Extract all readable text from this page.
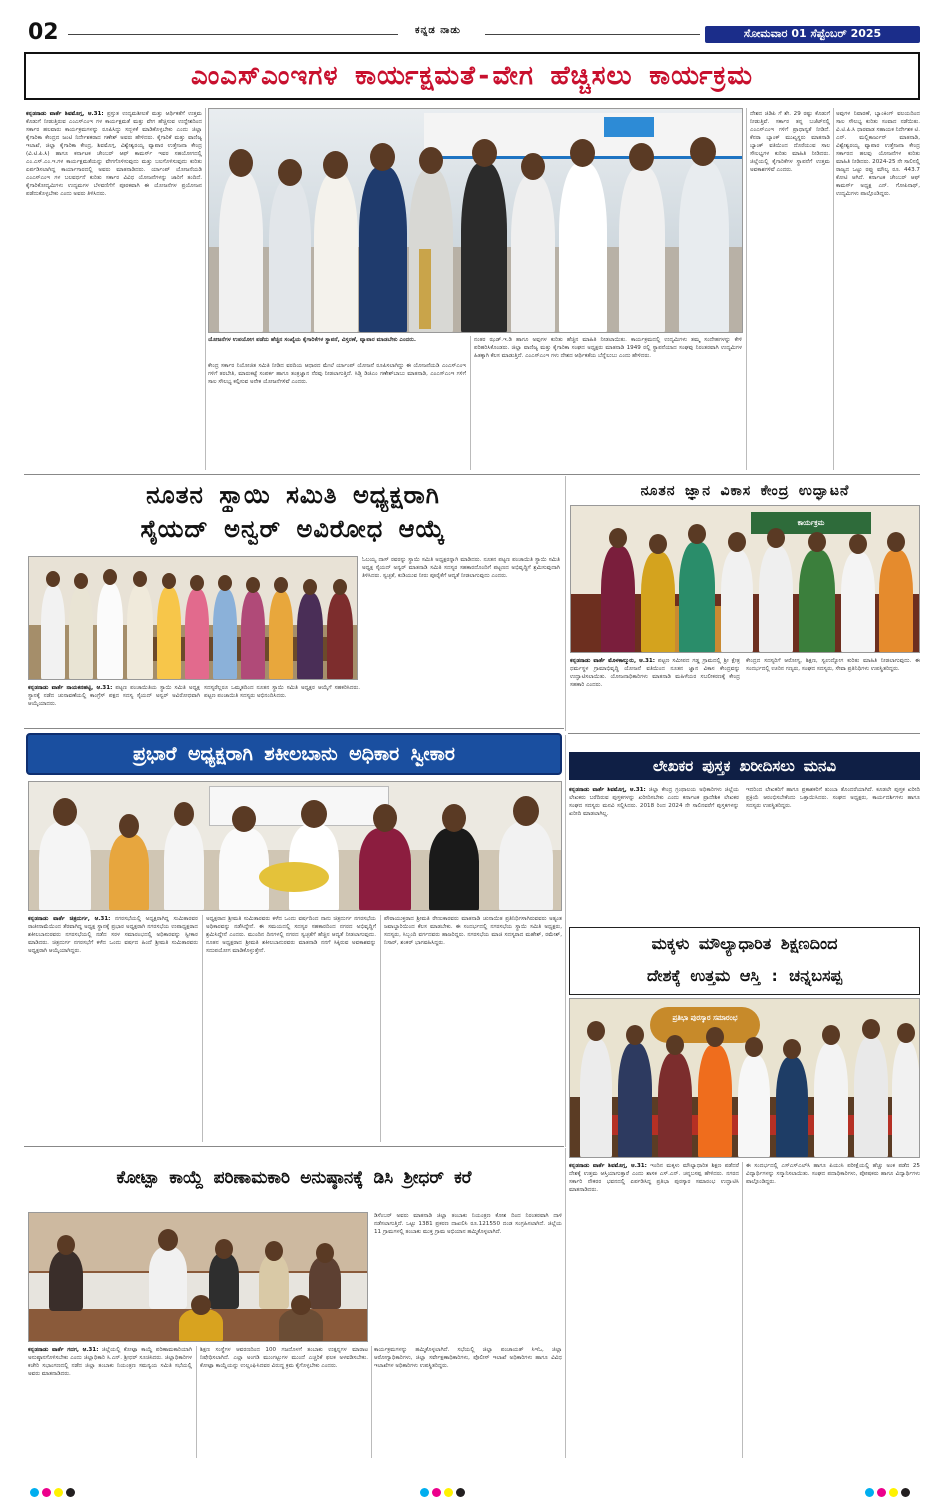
02	ಕನ್ನಡ ನಾಡು	ಸೋಮವಾರ 01 ಸೆಪ್ಟೆಂಬರ್ 2025
ಎಂಎಸ್‌ಎಂಇಗಳ ಕಾರ್ಯಕ್ಷಮತೆ-ವೇಗ ಹೆಚ್ಚಿಸಲು ಕಾರ್ಯಕ್ರಮ
ಕನ್ನಡನಾಡು ವಾರ್ತೆ ಶಿವಮೊಗ್ಗ, ಆ.31: ಪ್ರಸ್ತುತ ಉದ್ಯಮಶೀಲತೆ ಮತ್ತು ಆರ್ಥಿಕತೆಗೆ ಉತ್ತಮ ಕೊಡುಗೆ ನೀಡುತ್ತಿರುವ ಎಂಎಸ್‌ಎಂಇ ಗಳ ಕಾರ್ಯಕ್ಷಮತೆ ಮತ್ತು ವೇಗ ಹೆಚ್ಚಿಸುವ ಉದ್ದೇಶದಿಂದ ಸರ್ಕಾರ ಹಲವಾರು ಕಾರ್ಯಕ್ರಮಗಳನ್ನು ರೂಪಿಸಿದ್ದು ಸದ್ಬಳಕೆ ಮಾಡಿಕೊಳ್ಳಬೇಕು ಎಂದು ಜಿಲ್ಲಾ ಕೈಗಾರಿಕಾ ಕೇಂದ್ರದ ಜಂಟಿ ನಿರ್ದೇಶಕರಾದ ಗಣೇಶ್ ಅವರು ಹೇಳಿದರು. ಕೈಗಾರಿಕೆ ಮತ್ತು ವಾಣಿಜ್ಯ ಇಲಾಖೆ, ಜಿಲ್ಲಾ ಕೈಗಾರಿಕಾ ಕೇಂದ್ರ, ಶಿವಮೊಗ್ಗ, ವಿಶ್ವೇಶ್ವರಯ್ಯ ವ್ಯಾಪಾರ ಉತ್ತೇಜನಾ ಕೇಂದ್ರ (ವಿ.ಟಿ.ಪಿ.ಸಿ) ಹಾಗೂ ಕರ್ನಾಟಕ ಚೇಂಬರ್ ಆಫ್ ಕಾಮರ್ಸ್ ಇವರ ಸಹಯೋಗದಲ್ಲಿ ಎಂ.ಎಸ್.ಎಂ.ಇ.ಗಳ ಕಾರ್ಯಕ್ಷಮತೆಯನ್ನು ವೇಗಗೊಳಿಸುವುದು ಮತ್ತು ಬಲಗೊಳಿಸುವುದು ಕುರಿತು ಏರ್ಪಡಿಸಲಾಗಿದ್ದ ಕಾರ್ಯಾಗಾರದಲ್ಲಿ ಅವರು ಮಾತನಾಡಿದರು. ರ್ಯಾಂಪ್ ಯೋಜನೆಯಡಿ ಎಂಎಸ್‌ಎಂಇ ಗಳ ಬಲವರ್ಧನೆ ಕುರಿತು ಸರ್ಕಾರ ವಿವಿಧ ಯೋಜನೆಗಳನ್ನು ಜಾರಿಗೆ ತಂದಿದೆ. ಕೈಗಾರಿಕೋದ್ಯಮಿಗಳು ಉದ್ಯಮಗಳ ಬೆಳವಣಿಗೆಗೆ ಪೂರಕವಾಗಿ ಈ ಯೋಜನೆಗಳ ಪ್ರಯೋಜನ ಪಡೆದುಕೊಳ್ಳಬೇಕು ಎಂದು ಅವರು ತಿಳಿಸಿದರು.
ಯೋಜನೆಗಳ ಉಪಯೋಗ ಪಡೆದು ಹೆಚ್ಚಿನ ಸಂಖ್ಯೆಯ ಕೈಗಾರಿಕೆಗಳ ಸ್ಥಾಪನೆ, ವಿಸ್ತರಣೆ, ವ್ಯಾಪಾರ ಮಾಡಬೇಕು ಎಂದರು.
ಕೇಂದ್ರ ಸರ್ಕಾರ ನಿಯೋಜಿತ ಸಮಿತಿ ನೀಡಿದ ವರದಿಯ ಆಧಾರದ ಮೇಲೆ ರ್ಯಾಂಪ್ ಯೋಜನೆ ರೂಪಿಸಲಾಗಿದ್ದು ಈ ಯೋಜನೆಯಡಿ ಎಂಎಸ್‌ಎಂಇ ಗಳಿಗೆ ತರಬೇತಿ, ಮಾರುಕಟ್ಟೆ ಸಂಪರ್ಕ ಹಾಗೂ ತಂತ್ರಜ್ಞಾನ ನೆರವು ನೀಡಲಾಗುತ್ತಿದೆ. ಸಿಡ್ಬಿ ಡಿಜಿಎಂ ಗಣೇಶ್‌ಬಾಬು ಮಾತನಾಡಿ, ಎಂಎಸ್‌ಎಂಇ ಗಳಿಗೆ ಸಾಲ ಸೌಲಭ್ಯ ಕಲ್ಪಿಸುವ ಅನೇಕ ಯೋಜನೆಗಳಿವೆ ಎಂದರು.
ನಂತರ ಝಡ್.ಇ.ಡಿ ಹಾಗೂ ಅವುಗಳ ಕುರಿತು ಹೆಚ್ಚಿನ ಮಾಹಿತಿ ನೀಡಲಾಯಿತು. ಕಾರ್ಯಕ್ರಮದಲ್ಲಿ ಉದ್ಯಮಿಗಳು ತಮ್ಮ ಸಂದೇಹಗಳನ್ನು ಕೇಳಿ ಪರಿಹರಿಸಿಕೊಂಡರು. ಜಿಲ್ಲಾ ವಾಣಿಜ್ಯ ಮತ್ತು ಕೈಗಾರಿಕಾ ಸಂಘದ ಅಧ್ಯಕ್ಷರು ಮಾತನಾಡಿ 1949 ರಲ್ಲಿ ಸ್ಥಾಪನೆಯಾದ ಸಂಘವು ನಿರಂತರವಾಗಿ ಉದ್ಯಮಿಗಳ ಹಿತಕ್ಕಾಗಿ ಕೆಲಸ ಮಾಡುತ್ತಿದೆ. ಎಂಎಸ್‌ಎಂಇ ಗಳು ದೇಶದ ಆರ್ಥಿಕತೆಯ ಬೆನ್ನೆಲುಬು ಎಂದು ಹೇಳಿದರು.
ದೇಶದ ಜಿಡಿಪಿ ಗೆ ಶೇ. 29 ರಷ್ಟು ಕೊಡುಗೆ ನೀಡುತ್ತಿವೆ. ಸರ್ಕಾರ ತನ್ನ ಬಜೆಟ್‌ನಲ್ಲಿ ಎಂಎಸ್‌ಎಂಇ ಗಳಿಗೆ ಪ್ರಾಧಾನ್ಯತೆ ನೀಡಿದೆ. ಕೆನರಾ ಬ್ಯಾಂಕ್ ಮುಖ್ಯಸ್ಥರು ಮಾತನಾಡಿ ಬ್ಯಾಂಕ್ ವತಿಯಿಂದ ದೊರೆಯುವ ಸಾಲ ಸೌಲಭ್ಯಗಳ ಕುರಿತು ಮಾಹಿತಿ ನೀಡಿದರು. ಜಿಲ್ಲೆಯಲ್ಲಿ ಕೈಗಾರಿಕೆಗಳ ಸ್ಥಾಪನೆಗೆ ಉತ್ತಮ ಅವಕಾಶಗಳಿವೆ ಎಂದರು.
ಅವುಗಳ ನಿವಾರಣೆ, ಬ್ಯಾಂಕಿಂಗ್ ವಲಯದಿಂದ ಸಾಲ ಸೌಲಭ್ಯ ಕುರಿತು ಸಂವಾದ ನಡೆಯಿತು. ವಿ.ಟಿ.ಪಿ.ಸಿ ಧಾರವಾಡ ಸಹಾಯಕ ನಿರ್ದೇಶಕ ಟಿ. ಎನ್. ಮಲ್ಲಿಕಾರ್ಜುನ್ ಮಾತನಾಡಿ, ವಿಶ್ವೇಶ್ವರಯ್ಯ ವ್ಯಾಪಾರ ಉತ್ತೇಜನಾ ಕೇಂದ್ರ ಸರ್ಕಾರದ ಹಲವು ಯೋಜನೆಗಳ ಕುರಿತು ಮಾಹಿತಿ ನೀಡಿದರು. 2024-25 ನೇ ಸಾಲಿನಲ್ಲಿ ರಾಜ್ಯದ ಒಟ್ಟು ರಫ್ತು ಮೌಲ್ಯ ರೂ. 443.7 ಕೋಟಿ ಆಗಿದೆ. ಕರ್ನಾಟಕ ಚೇಂಬರ್ ಆಫ್ ಕಾಮರ್ಸ್ ಅಧ್ಯಕ್ಷ ಎನ್. ಗೋಪಿನಾಥ್, ಉದ್ಯಮಿಗಳು ಪಾಲ್ಗೊಂಡಿದ್ದರು.
ನೂತನ ಸ್ಥಾಯಿ ಸಮಿತಿ ಅಧ್ಯಕ್ಷರಾಗಿ
ಸೈಯದ್ ಅನ್ವರ್ ಅವಿರೋಧ ಆಯ್ಕೆ
ಓಬಯ್ಯ ದಾಸ್ ರವರನ್ನು ಸ್ಥಾಯಿ ಸಮಿತಿ ಅಧ್ಯಕ್ಷರನ್ನಾಗಿ ಮಾಡಿದರು. ನೂತನ ಪಟ್ಟಣ ಪಂಚಾಯಿತಿ ಸ್ಥಾಯಿ ಸಮಿತಿ ಅಧ್ಯಕ್ಷ ಸೈಯದ್ ಅನ್ವರ್ ಮಾತನಾಡಿ ಸಮಿತಿ ಸದಸ್ಯರ ಸಹಕಾರದೊಂದಿಗೆ ಪಟ್ಟಣದ ಅಭಿವೃದ್ಧಿಗೆ ಶ್ರಮಿಸುವುದಾಗಿ ತಿಳಿಸಿದರು. ಸ್ವಚ್ಛತೆ, ಕುಡಿಯುವ ನೀರು ಪೂರೈಕೆಗೆ ಆದ್ಯತೆ ನೀಡಲಾಗುವುದು ಎಂದರು.
ಕನ್ನಡನಾಡು ವಾರ್ತೆ ನಾಯಕನಹಟ್ಟಿ, ಆ.31: ಪಟ್ಟಣ ಪಂಚಾಯಿತಿಯ ಸ್ಥಾಯಿ ಸಮಿತಿ ಅಧ್ಯಕ್ಷ ಸ್ಥಾನಕ್ಕೆ ನಡೆದ ಚುನಾವಣೆಯಲ್ಲಿ ಕಾಂಗ್ರೆಸ್ ಪಕ್ಷದ ಸದಸ್ಯ ಸೈಯದ್ ಅನ್ವರ್ ಅವಿರೋಧವಾಗಿ ಆಯ್ಕೆಯಾದರು.
ಸದಸ್ಯರೆಲ್ಲರೂ ಒಮ್ಮತದಿಂದ ನೂತನ ಸ್ಥಾಯಿ ಸಮಿತಿ ಅಧ್ಯಕ್ಷರ ಆಯ್ಕೆಗೆ ಸಹಕರಿಸಿದರು. ಪಟ್ಟಣ ಪಂಚಾಯಿತಿ ಸದಸ್ಯರು ಅಭಿನಂದಿಸಿದರು.
ನೂತನ ಜ್ಞಾನ ವಿಕಾಸ ಕೇಂದ್ರ ಉದ್ಘಾಟನೆ
ಕಾರ್ಯಕ್ರಮ
ಕನ್ನಡನಾಡು ವಾರ್ತೆ ಮೊಳಕಾಲ್ಮುರು, ಆ.31: ಪಟ್ಟಣ ಸಮೀಪದ ಗಡ್ಡ ಗ್ರಾಮದಲ್ಲಿ ಶ್ರೀ ಕ್ಷೇತ್ರ ಧರ್ಮಸ್ಥಳ ಗ್ರಾಮಾಭಿವೃದ್ಧಿ ಯೋಜನೆ ವತಿಯಿಂದ ನೂತನ ಜ್ಞಾನ ವಿಕಾಸ ಕೇಂದ್ರವನ್ನು ಉದ್ಘಾಟಿಸಲಾಯಿತು. ಯೋಜನಾಧಿಕಾರಿಗಳು ಮಾತನಾಡಿ ಮಹಿಳೆಯರ ಸಬಲೀಕರಣಕ್ಕೆ ಕೇಂದ್ರ ಸಹಕಾರಿ ಎಂದರು.
ಕೇಂದ್ರದ ಸದಸ್ಯರಿಗೆ ಆರೋಗ್ಯ, ಶಿಕ್ಷಣ, ಸ್ವಉದ್ಯೋಗ ಕುರಿತು ಮಾಹಿತಿ ನೀಡಲಾಗುವುದು. ಈ ಸಂದರ್ಭದಲ್ಲಿ ಊರಿನ ಗಣ್ಯರು, ಸಂಘದ ಸದಸ್ಯರು, ಸೇವಾ ಪ್ರತಿನಿಧಿಗಳು ಉಪಸ್ಥಿತರಿದ್ದರು.
ಪ್ರಭಾರೆ ಅಧ್ಯಕ್ಷರಾಗಿ ಶಕೀಲಬಾನು ಅಧಿಕಾರ ಸ್ವೀಕಾರ
ಕನ್ನಡನಾಡು ವಾರ್ತೆ ಚಿತ್ರದುರ್ಗ, ಆ.31: ನಗರಸಭೆಯಲ್ಲಿ ಅಧ್ಯಕ್ಷರಾಗಿದ್ದ ಸುಮಿತಾರವರ ರಾಜೀನಾಮೆಯಿಂದ ತೆರವಾಗಿದ್ದ ಅಧ್ಯಕ್ಷ ಸ್ಥಾನಕ್ಕೆ ಪ್ರಭಾರ ಅಧ್ಯಕ್ಷರಾಗಿ ನಗರಸಭೆಯ ಉಪಾಧ್ಯಕ್ಷರಾದ ಶಕೀಲಬಾನುರವರು ನಗರಸಭೆಯಲ್ಲಿ ನಡೆದ ಸರಳ ಸಮಾರಂಭದಲ್ಲಿ ಅಧಿಕಾರವನ್ನು ಸ್ವೀಕಾರ ಮಾಡಿದರು. ಚಿತ್ರದುರ್ಗ ನಗರಸಭೆಗೆ ಕಳೆದ ಒಂದು ವರ್ಷದ ಹಿಂದೆ ಶ್ರೀಮತಿ ಸುಮಿತಾರವರು ಅಧ್ಯಕ್ಷರಾಗಿ ಆಯ್ಕೆಯಾಗಿದ್ದರು.
ಅಧ್ಯಕ್ಷರಾದ ಶ್ರೀಮತಿ ಸುಮಿತಾರವರು ಕಳೆದ ಒಂದು ವರ್ಷದಿಂದ ನಾನು ಚಿತ್ರದುರ್ಗ ನಗರಸಭೆಯ ಅಧಿಕಾರವನ್ನು ನಡೆಸಿದ್ದೇನೆ. ಈ ಸಮಯದಲ್ಲಿ ಸದಸ್ಯರ ಸಹಕಾರದಿಂದ ನಗರದ ಅಭಿವೃದ್ಧಿಗೆ ಶ್ರಮಿಸಿದ್ದೇನೆ ಎಂದರು. ಮುಂದಿನ ದಿನಗಳಲ್ಲಿ ನಗರದ ಸ್ವಚ್ಛತೆಗೆ ಹೆಚ್ಚಿನ ಆದ್ಯತೆ ನೀಡಲಾಗುವುದು. ನೂತನ ಅಧ್ಯಕ್ಷರಾದ ಶ್ರೀಮತಿ ಶಕೀಲಬಾನುರವರು ಮಾತನಾಡಿ ನನಗೆ ಸಿಕ್ಕಿರುವ ಅವಕಾಶವನ್ನು ಸದುಪಯೋಗ ಮಾಡಿಕೊಳ್ಳುತ್ತೇನೆ.
ಪೌರಾಯುಕ್ತರಾದ ಶ್ರೀಮತಿ ರೇಣುಕಾರವರು ಮಾತನಾಡಿ ಚುನಾಯಿತ ಪ್ರತಿನಿಧಿಗಳಾಗಿರುವವರು ಅತ್ಯಂತ ಜವಾಬ್ದಾರಿಯಿಂದ ಕೆಲಸ ಮಾಡಬೇಕು. ಈ ಸಂದರ್ಭದಲ್ಲಿ ನಗರಸಭೆಯ ಸ್ಥಾಯಿ ಸಮಿತಿ ಅಧ್ಯಕ್ಷರು, ಸದಸ್ಯರು, ಸಿಬ್ಬಂದಿ ವರ್ಗದವರು ಹಾಜರಿದ್ದರು. ನಗರಸಭೆಯ ಮಾಜಿ ಸದಸ್ಯರಾದ ಮಹೇಶ್, ರಮೇಶ್, ನಿಸಾರ್, ಶಂಕರ್ ಭಾಗವಹಿಸಿದ್ದರು.
ಲೇಖಕರ ಪುಸ್ತಕ ಖರೀದಿಸಲು ಮನವಿ
ಕನ್ನಡನಾಡು ವಾರ್ತೆ ಶಿವಮೊಗ್ಗ, ಆ.31: ಜಿಲ್ಲಾ ಕೇಂದ್ರ ಗ್ರಂಥಾಲಯ ಅಧಿಕಾರಿಗಳು ಜಿಲ್ಲೆಯ ಲೇಖಕರು ಬರೆದಿರುವ ಪುಸ್ತಕಗಳನ್ನು ಖರೀದಿಸಬೇಕು ಎಂದು ಕರ್ನಾಟಕ ಪ್ರಾದೇಶಿಕ ಲೇಖಕರ ಸಂಘದ ಸದಸ್ಯರು ಮನವಿ ಸಲ್ಲಿಸಿದರು. 2018 ರಿಂದ 2024 ನೇ ಸಾಲಿನವರೆಗೆ ಪುಸ್ತಕಗಳನ್ನು ಖರೀದಿ ಮಾಡಲಾಗಿಲ್ಲ.
ಇದರಿಂದ ಲೇಖಕರಿಗೆ ಹಾಗೂ ಪ್ರಕಾಶಕರಿಗೆ ತುಂಬಾ ತೊಂದರೆಯಾಗಿದೆ. ಕೂಡಲೇ ಪುಸ್ತಕ ಖರೀದಿ ಪ್ರಕ್ರಿಯೆ ಆರಂಭಿಸಬೇಕೆಂದು ಒತ್ತಾಯಿಸಿದರು. ಸಂಘದ ಅಧ್ಯಕ್ಷರು, ಕಾರ್ಯದರ್ಶಿಗಳು ಹಾಗೂ ಸದಸ್ಯರು ಉಪಸ್ಥಿತರಿದ್ದರು.
ಮಕ್ಕಳು ಮೌಲ್ಯಾಧಾರಿತ ಶಿಕ್ಷಣದಿಂದ
ದೇಶಕ್ಕೆ ಉತ್ತಮ ಆಸ್ತಿ : ಚನ್ನಬಸಪ್ಪ
ಪ್ರತಿಭಾ ಪುರಸ್ಕಾರ ಸಮಾರಂಭ
ಕನ್ನಡನಾಡು ವಾರ್ತೆ ಶಿವಮೊಗ್ಗ, ಆ.31: ಇಂದಿನ ಮಕ್ಕಳು ಮೌಲ್ಯಾಧಾರಿತ ಶಿಕ್ಷಣ ಪಡೆದರೆ ದೇಶಕ್ಕೆ ಉತ್ತಮ ಆಸ್ತಿಯಾಗುತ್ತಾರೆ ಎಂದು ಶಾಸಕ ಎಸ್.ಎನ್. ಚನ್ನಬಸಪ್ಪ ಹೇಳಿದರು. ನಗರದ ಸರ್ಕಾರಿ ನೌಕರರ ಭವನದಲ್ಲಿ ಏರ್ಪಡಿಸಿದ್ದ ಪ್ರತಿಭಾ ಪುರಸ್ಕಾರ ಸಮಾರಂಭ ಉದ್ಘಾಟಿಸಿ ಮಾತನಾಡಿದರು.
ಈ ಸಂದರ್ಭದಲ್ಲಿ ಎಸ್‌ಎಸ್‌ಎಲ್‌ಸಿ ಹಾಗೂ ಪಿಯುಸಿ ಪರೀಕ್ಷೆಯಲ್ಲಿ ಹೆಚ್ಚು ಅಂಕ ಪಡೆದ 25 ವಿದ್ಯಾರ್ಥಿಗಳನ್ನು ಸನ್ಮಾನಿಸಲಾಯಿತು. ಸಂಘದ ಪದಾಧಿಕಾರಿಗಳು, ಪೋಷಕರು ಹಾಗೂ ವಿದ್ಯಾರ್ಥಿಗಳು ಪಾಲ್ಗೊಂಡಿದ್ದರು.
ಕೋಟ್ಪಾ ಕಾಯ್ದೆ ಪರಿಣಾಮಕಾರಿ ಅನುಷ್ಠಾನಕ್ಕೆ ಡಿಸಿ ಶ್ರೀಧರ್ ಕರೆ
ಡಿಸೆಂಬರ್ ಅವರು ಮಾತನಾಡಿ ಜಿಲ್ಲಾ ತಂಬಾಕು ನಿಯಂತ್ರಣ ಕೋಶ ದಿಂದ ನಿರಂತರವಾಗಿ ದಾಳಿ ನಡೆಸಲಾಗುತ್ತಿದೆ. ಒಟ್ಟು 1381 ಪ್ರಕರಣ ದಾಖಲಿಸಿ ರೂ.121550 ದಂಡ ಸಂಗ್ರಹಿಸಲಾಗಿದೆ. ಜಿಲ್ಲೆಯ 11 ಗ್ರಾಮಗಳಲ್ಲಿ ತಂಬಾಕು ಮುಕ್ತ ಗ್ರಾಮ ಅಭಿಯಾನ ಹಮ್ಮಿಕೊಳ್ಳಲಾಗಿದೆ.
ಕನ್ನಡನಾಡು ವಾರ್ತೆ ಗದಗ, ಆ.31: ಜಿಲ್ಲೆಯಲ್ಲಿ ಕೋಟ್ಪಾ ಕಾಯ್ದೆ ಪರಿಣಾಮಕಾರಿಯಾಗಿ ಅನುಷ್ಠಾನಗೊಳಿಸಬೇಕು ಎಂದು ಜಿಲ್ಲಾಧಿಕಾರಿ ಸಿ.ಎನ್. ಶ್ರೀಧರ್ ಸೂಚಿಸಿದರು. ಜಿಲ್ಲಾಧಿಕಾರಿಗಳ ಕಚೇರಿ ಸಭಾಂಗಣದಲ್ಲಿ ನಡೆದ ಜಿಲ್ಲಾ ತಂಬಾಕು ನಿಯಂತ್ರಣ ಸಮನ್ವಯ ಸಮಿತಿ ಸಭೆಯಲ್ಲಿ ಅವರು ಮಾತನಾಡಿದರು.
ಶಿಕ್ಷಣ ಸಂಸ್ಥೆಗಳ ಆವರಣದಿಂದ 100 ಗಜದೊಳಗೆ ತಂಬಾಕು ಉತ್ಪನ್ನಗಳ ಮಾರಾಟ ನಿಷೇಧಿಸಲಾಗಿದೆ. ಎಲ್ಲಾ ಅಂಗಡಿ ಮುಂಗಟ್ಟುಗಳ ಮುಂದೆ ಎಚ್ಚರಿಕೆ ಫಲಕ ಅಳವಡಿಸಬೇಕು. ಕೋಟ್ಪಾ ಕಾಯ್ದೆಯನ್ನು ಉಲ್ಲಂಘಿಸಿದವರ ವಿರುದ್ಧ ಕ್ರಮ ಕೈಗೊಳ್ಳಬೇಕು ಎಂದರು.
ಕಾರ್ಯಕ್ರಮಗಳನ್ನು ಹಮ್ಮಿಕೊಳ್ಳಲಾಗಿದೆ. ಸಭೆಯಲ್ಲಿ ಜಿಲ್ಲಾ ಪಂಚಾಯತ್ ಸಿಇಓ, ಜಿಲ್ಲಾ ಆರೋಗ್ಯಾಧಿಕಾರಿಗಳು, ಜಿಲ್ಲಾ ಸರ್ವೇಕ್ಷಣಾಧಿಕಾರಿಗಳು, ಪೊಲೀಸ್ ಇಲಾಖೆ ಅಧಿಕಾರಿಗಳು ಹಾಗೂ ವಿವಿಧ ಇಲಾಖೆಗಳ ಅಧಿಕಾರಿಗಳು ಉಪಸ್ಥಿತರಿದ್ದರು.
